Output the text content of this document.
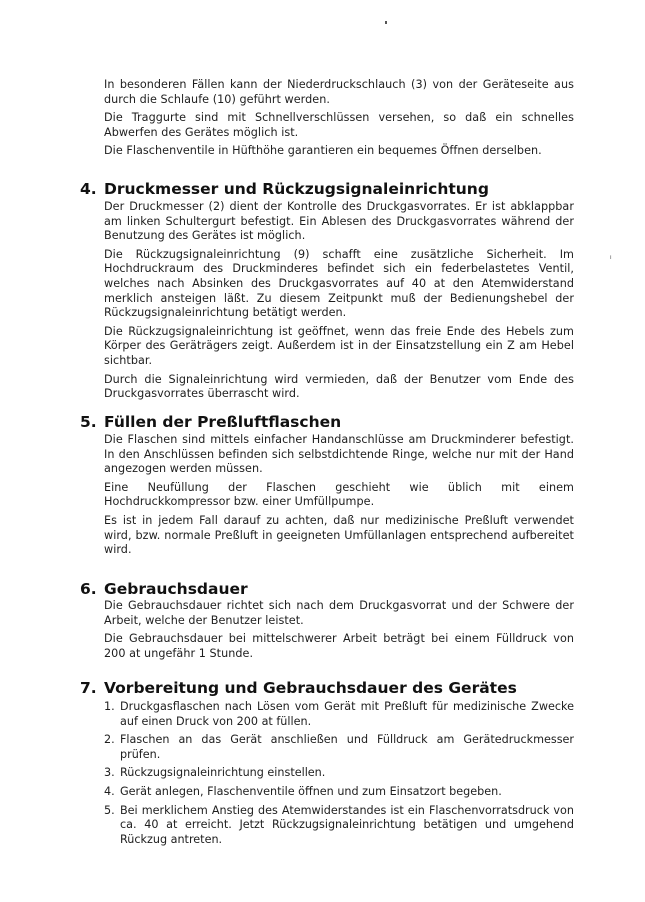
ⁱ

In besonderen Fällen kann der Niederdruckschlauch (3) von der Geräteseite aus durch die Schlaufe (10) geführt werden.

Die Traggurte sind mit Schnellverschlüssen versehen, so daß ein schnelles Abwerfen des Gerätes möglich ist.

Die Flaschenventile in Hüfthöhe garantieren ein bequemes Öffnen derselben.

4. Druckmesser und Rückzugsignaleinrichtung

Der Druckmesser (2) dient der Kontrolle des Druckgasvorrates. Er ist abklappbar am linken Schultergurt befestigt. Ein Ablesen des Druckgasvorrates während der Benutzung des Gerätes ist möglich.

Die Rückzugsignaleinrichtung (9) schafft eine zusätzliche Sicherheit. Im Hochdruckraum des Druckminderes befindet sich ein federbelastetes Ventil, welches nach Absinken des Druckgasvorrates auf 40 at den Atemwiderstand merklich ansteigen läßt. Zu diesem Zeitpunkt muß der Bedienungshebel der Rückzugsignaleinrichtung betätigt werden.

Die Rückzugsignaleinrichtung ist geöffnet, wenn das freie Ende des Hebels zum Körper des Geräträgers zeigt. Außerdem ist in der Einsatzstellung ein Z am Hebel sichtbar.

Durch die Signaleinrichtung wird vermieden, daß der Benutzer vom Ende des Druckgasvorrates überrascht wird.

5. Füllen der Preßluftflaschen

Die Flaschen sind mittels einfacher Handanschlüsse am Druckminderer befestigt. In den Anschlüssen befinden sich selbstdichtende Ringe, welche nur mit der Hand angezogen werden müssen.

Eine Neufüllung der Flaschen geschieht wie üblich mit einem Hochdruckkompressor bzw. einer Umfüllpumpe.

Es ist in jedem Fall darauf zu achten, daß nur medizinische Preßluft verwendet wird, bzw. normale Preßluft in geeigneten Umfüllanlagen entsprechend aufbereitet wird.

6. Gebrauchsdauer

Die Gebrauchsdauer richtet sich nach dem Druckgasvorrat und der Schwere der Arbeit, welche der Benutzer leistet.

Die Gebrauchsdauer bei mittelschwerer Arbeit beträgt bei einem Fülldruck von 200 at ungefähr 1 Stunde.

7. Vorbereitung und Gebrauchsdauer des Gerätes
1. Druckgasflaschen nach Lösen vom Gerät mit Preßluft für medizinische Zwecke auf einen Druck von 200 at füllen.
2. Flaschen an das Gerät anschließen und Fülldruck am Gerätedruckmesser prüfen.
3. Rückzugsignaleinrichtung einstellen.
4. Gerät anlegen, Flaschenventile öffnen und zum Einsatzort begeben.
5. Bei merklichem Anstieg des Atemwiderstandes ist ein Flaschenvorratsdruck von ca. 40 at erreicht. Jetzt Rückzugsignaleinrichtung betätigen und umgehend Rückzug antreten.
